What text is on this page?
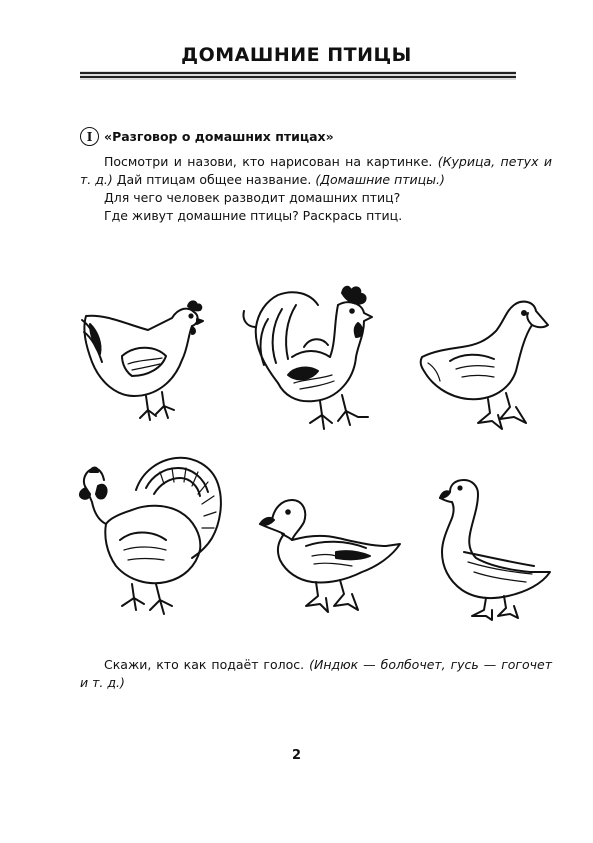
ДОМАШНИЕ ПТИЦЫ
I «Разговор о домашних птицах»
Посмотри и назови, кто нарисован на картинке. (Курица, петух и т. д.) Дай птицам общее название. (Домашние птицы.)
Для чего человек разводит домашних птиц?
Где живут домашние птицы? Раскрась птиц.
Скажи, кто как подаёт голос. (Индюк — болбочет, гусь — гогочет и т. д.)
2
